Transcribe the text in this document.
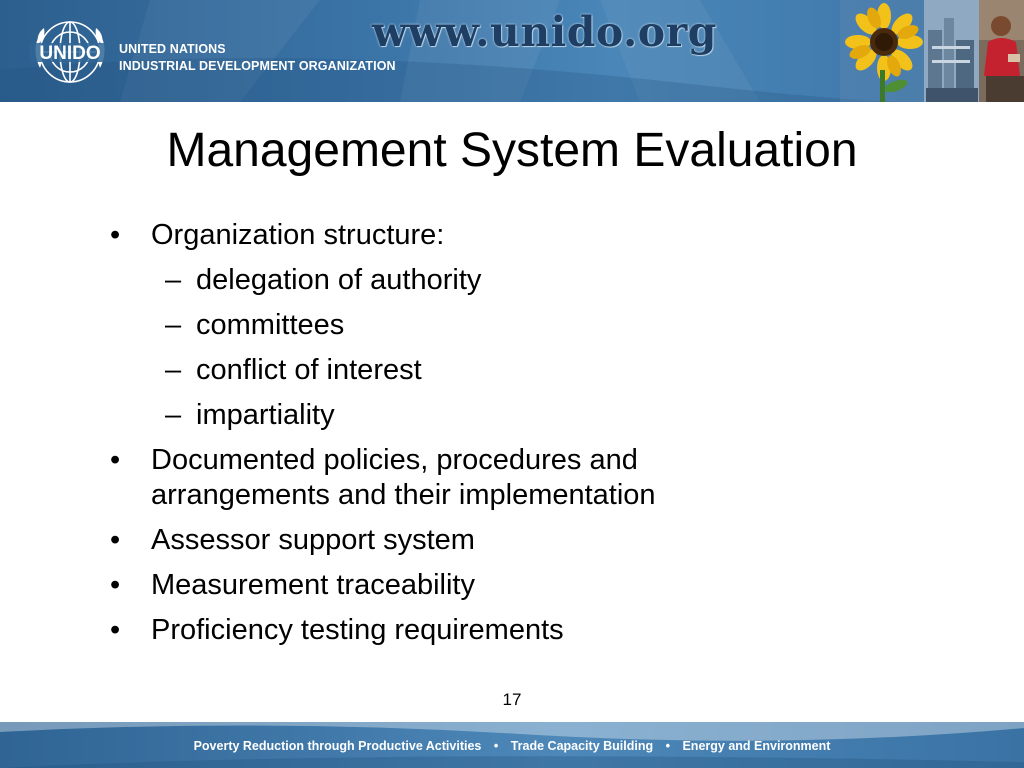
UNIDO UNITED NATIONS
INDUSTRIAL DEVELOPMENT ORGANIZATION
www.unido.org
Management System Evaluation
•	Organization structure:
– delegation of authority
– committees
– conflict of interest
– impartiality
•	Documented policies, procedures and arrangements and their implementation
•	Assessor support system
•	Measurement traceability
•	Proficiency testing requirements
17
Poverty Reduction through Productive Activities • Trade Capacity Building • Energy and Environment
